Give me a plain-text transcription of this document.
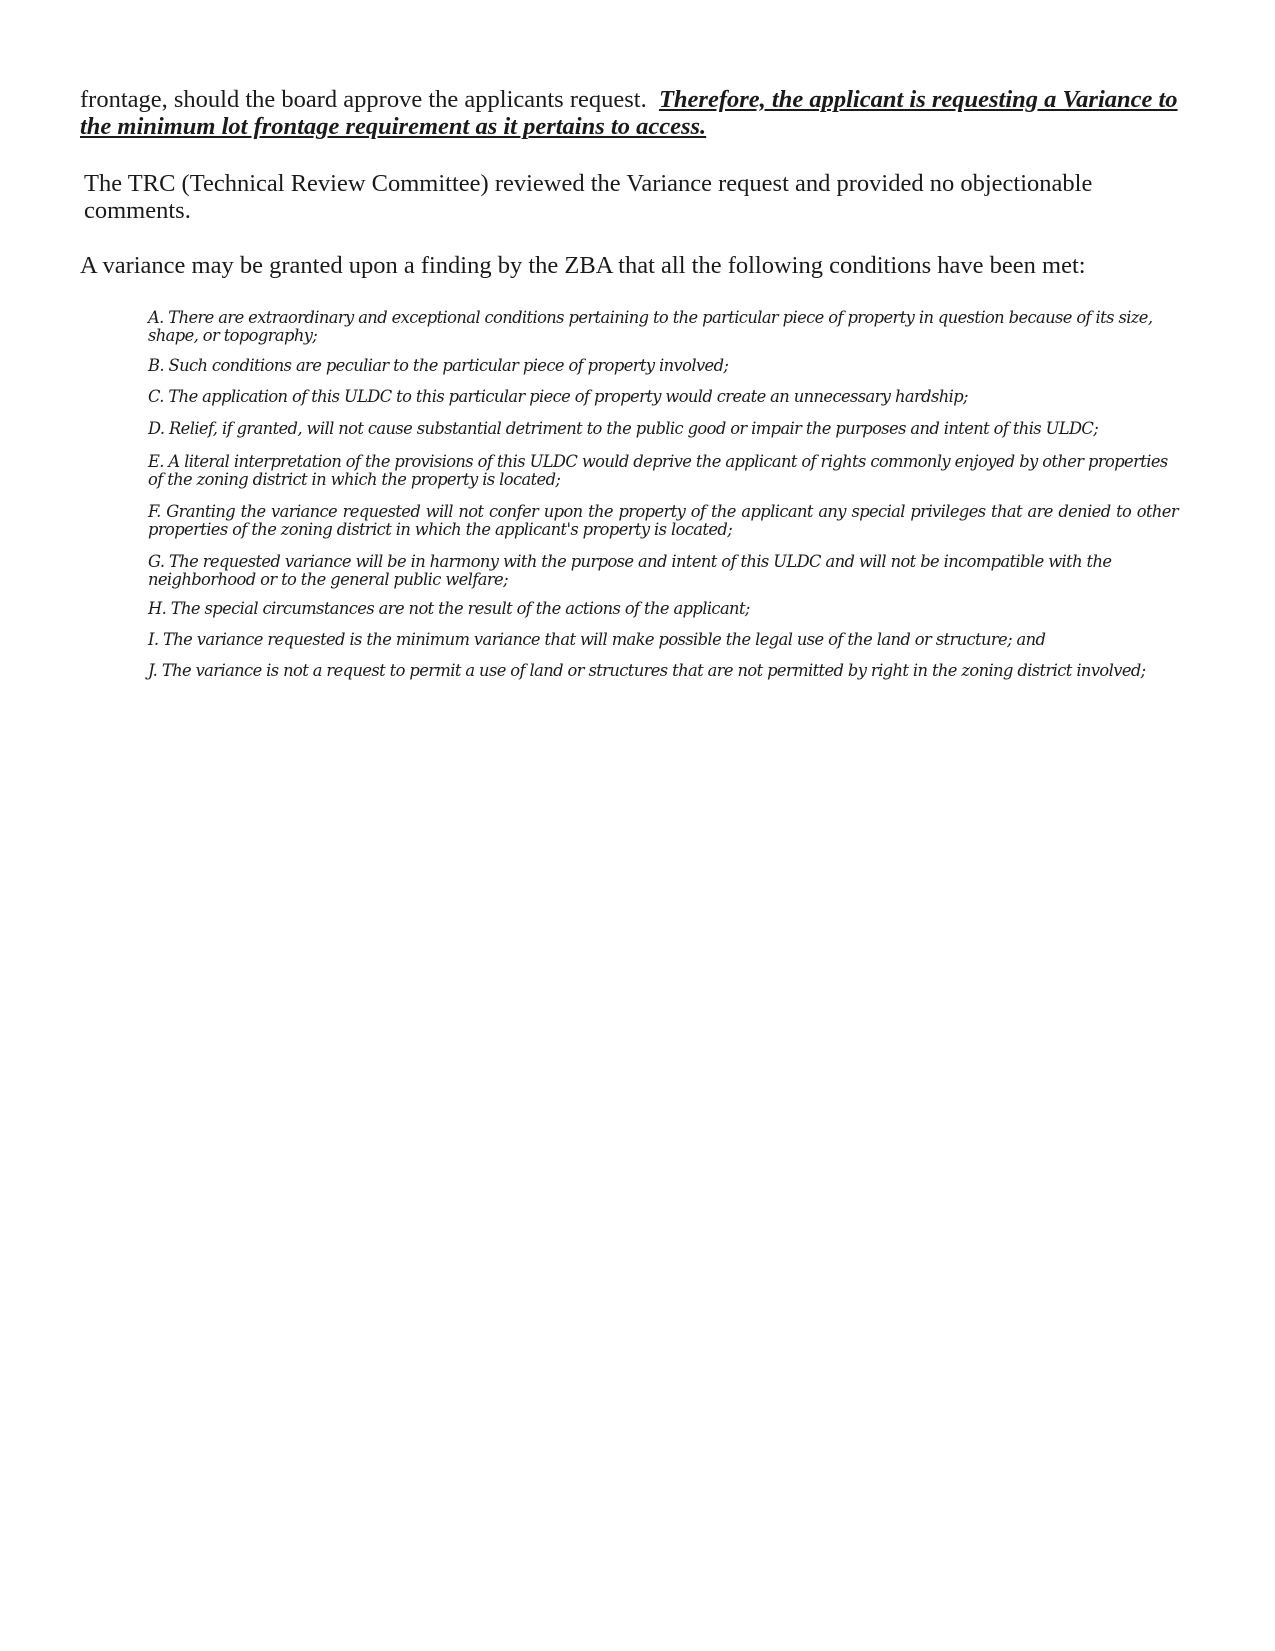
frontage, should the board approve the applicants request. Therefore, the applicant is requesting a Variance to the minimum lot frontage requirement as it pertains to access.
The TRC (Technical Review Committee) reviewed the Variance request and provided no objectionable comments.
A variance may be granted upon a finding by the ZBA that all the following conditions have been met:
A. There are extraordinary and exceptional conditions pertaining to the particular piece of property in question because of its size, shape, or topography;
B. Such conditions are peculiar to the particular piece of property involved;
C. The application of this ULDC to this particular piece of property would create an unnecessary hardship;
D. Relief, if granted, will not cause substantial detriment to the public good or impair the purposes and intent of this ULDC;
E. A literal interpretation of the provisions of this ULDC would deprive the applicant of rights commonly enjoyed by other properties of the zoning district in which the property is located;
F. Granting the variance requested will not confer upon the property of the applicant any special privileges that are denied to other properties of the zoning district in which the applicant's property is located;
G. The requested variance will be in harmony with the purpose and intent of this ULDC and will not be incompatible with the neighborhood or to the general public welfare;
H. The special circumstances are not the result of the actions of the applicant;
I. The variance requested is the minimum variance that will make possible the legal use of the land or structure; and
J. The variance is not a request to permit a use of land or structures that are not permitted by right in the zoning district involved;
